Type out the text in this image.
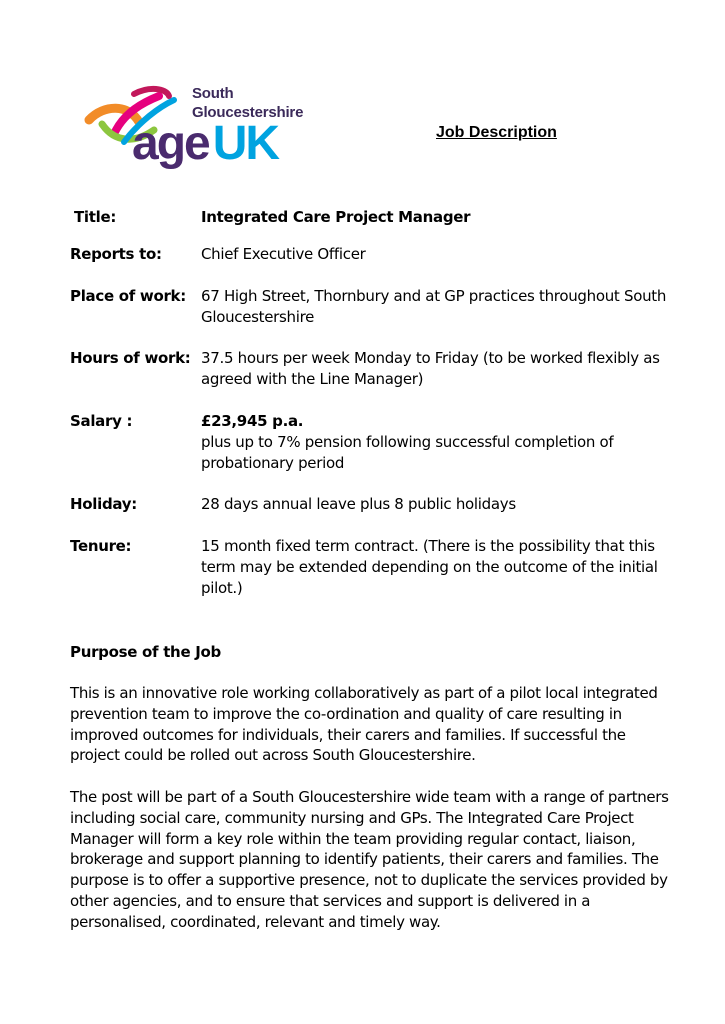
South
Gloucestershire
ageUK	Job Description
Title:	Integrated Care Project Manager
Reports to:	Chief Executive Officer
Place of work: 67 High Street, Thornbury and at GP practices throughout South Gloucestershire
Hours of work: 37.5 hours per week Monday to Friday (to be worked flexibly as agreed with the Line Manager)
Salary :	£23,945 p.a.
plus up to 7% pension following successful completion of probationary period
Holiday:	28 days annual leave plus 8 public holidays
Tenure:	15 month fixed term contract. (There is the possibility that this term may be extended depending on the outcome of the initial pilot.)
Purpose of the Job

This is an innovative role working collaboratively as part of a pilot local integrated prevention team to improve the co-ordination and quality of care resulting in improved outcomes for individuals, their carers and families. If successful the project could be rolled out across South Gloucestershire.

The post will be part of a South Gloucestershire wide team with a range of partners including social care, community nursing and GPs. The Integrated Care Project Manager will form a key role within the team providing regular contact, liaison, brokerage and support planning to identify patients, their carers and families. The purpose is to offer a supportive presence, not to duplicate the services provided by other agencies, and to ensure that services and support is delivered in a personalised, coordinated, relevant and timely way.
